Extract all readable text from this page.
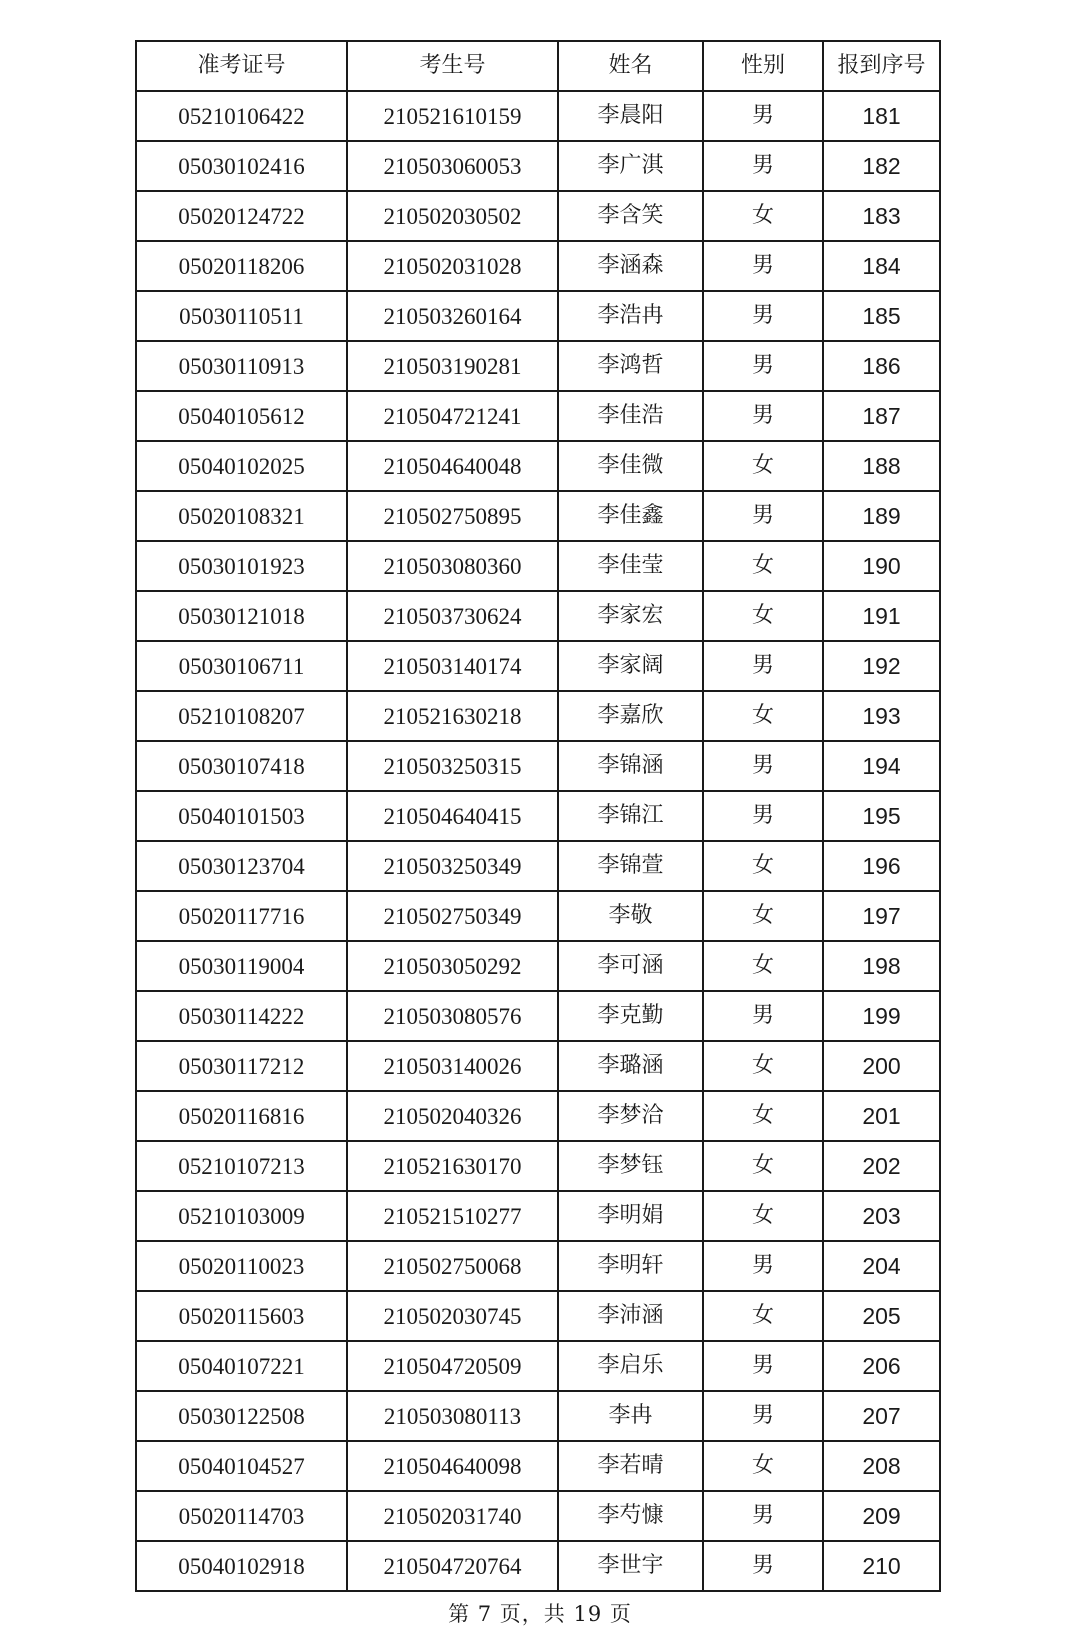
准考证号	考生号	姓名	性别	报到序号
05210106422	210521610159	李晨阳	男	181
05030102416	210503060053	李广淇	男	182
05020124722	210502030502	李含笑	女	183
05020118206	210502031028	李涵森	男	184
05030110511	210503260164	李浩冉	男	185
05030110913	210503190281	李鸿哲	男	186
05040105612	210504721241	李佳浩	男	187
05040102025	210504640048	李佳微	女	188
05020108321	210502750895	李佳鑫	男	189
05030101923	210503080360	李佳莹	女	190
05030121018	210503730624	李家宏	女	191
05030106711	210503140174	李家阔	男	192
05210108207	210521630218	李嘉欣	女	193
05030107418	210503250315	李锦涵	男	194
05040101503	210504640415	李锦江	男	195
05030123704	210503250349	李锦萱	女	196
05020117716	210502750349	李敬	女	197
05030119004	210503050292	李可涵	女	198
05030114222	210503080576	李克勤	男	199
05030117212	210503140026	李璐涵	女	200
05020116816	210502040326	李梦洽	女	201
05210107213	210521630170	李梦钰	女	202
05210103009	210521510277	李明娟	女	203
05020110023	210502750068	李明轩	男	204
05020115603	210502030745	李沛涵	女	205
05040107221	210504720509	李启乐	男	206
05030122508	210503080113	李冉	男	207
05040104527	210504640098	李若晴	女	208
05020114703	210502031740	李芍慷	男	209
05040102918	210504720764	李世宇	男	210
第 7 页，共 19 页
